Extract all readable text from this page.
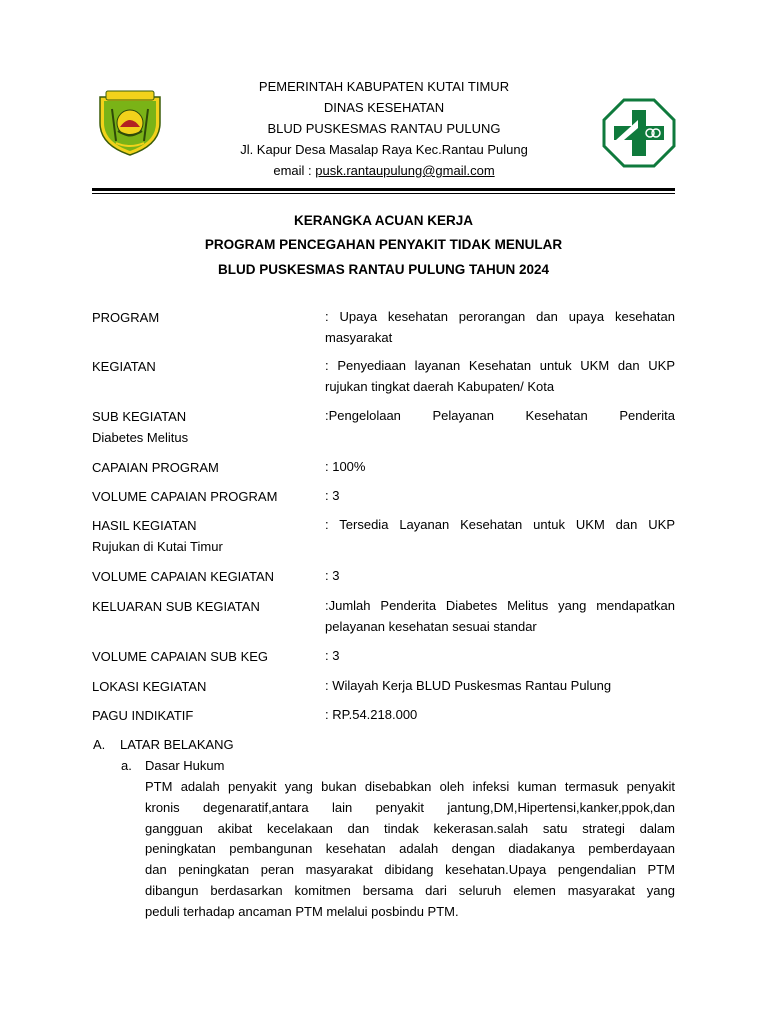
PEMERINTAH KABUPATEN KUTAI TIMUR
DINAS KESEHATAN
BLUD PUSKESMAS RANTAU PULUNG
Jl. Kapur Desa Masalap Raya Kec.Rantau Pulung
email : pusk.rantaupulung@gmail.com
KERANGKA ACUAN KERJA
PROGRAM PENCEGAHAN PENYAKIT TIDAK MENULAR
BLUD PUSKESMAS RANTAU PULUNG TAHUN 2024
PROGRAM	: Upaya kesehatan perorangan dan upaya kesehatan
masyarakat
KEGIATAN	: Penyediaan layanan Kesehatan untuk UKM dan UKP
rujukan tingkat daerah Kabupaten/ Kota
SUB KEGIATAN	:Pengelolaan Pelayanan Kesehatan Penderita
Diabetes Melitus
CAPAIAN PROGRAM	: 100%
VOLUME CAPAIAN PROGRAM	: 3
HASIL KEGIATAN	: Tersedia Layanan Kesehatan untuk UKM dan UKP
Rujukan di Kutai Timur
VOLUME CAPAIAN KEGIATAN	: 3
KELUARAN SUB KEGIATAN	:Jumlah Penderita Diabetes Melitus yang mendapatkan
pelayanan kesehatan sesuai standar
VOLUME CAPAIAN SUB KEG	: 3
LOKASI KEGIATAN	: Wilayah Kerja BLUD Puskesmas Rantau Pulung
PAGU INDIKATIF	: RP.54.218.000
A. LATAR BELAKANG
a. Dasar Hukum
PTM adalah penyakit yang bukan disebabkan oleh infeksi kuman termasuk penyakit
kronis degenaratif,antara lain penyakit jantung,DM,Hipertensi,kanker,ppok,dan
gangguan akibat kecelakaan dan tindak kekerasan.salah satu strategi dalam
peningkatan pembangunan kesehatan adalah dengan diadakanya pemberdayaan
dan peningkatan peran masyarakat dibidang kesehatan.Upaya pengendalian PTM
dibangun berdasarkan komitmen bersama dari seluruh elemen masyarakat yang
peduli terhadap ancaman PTM melalui posbindu PTM.
